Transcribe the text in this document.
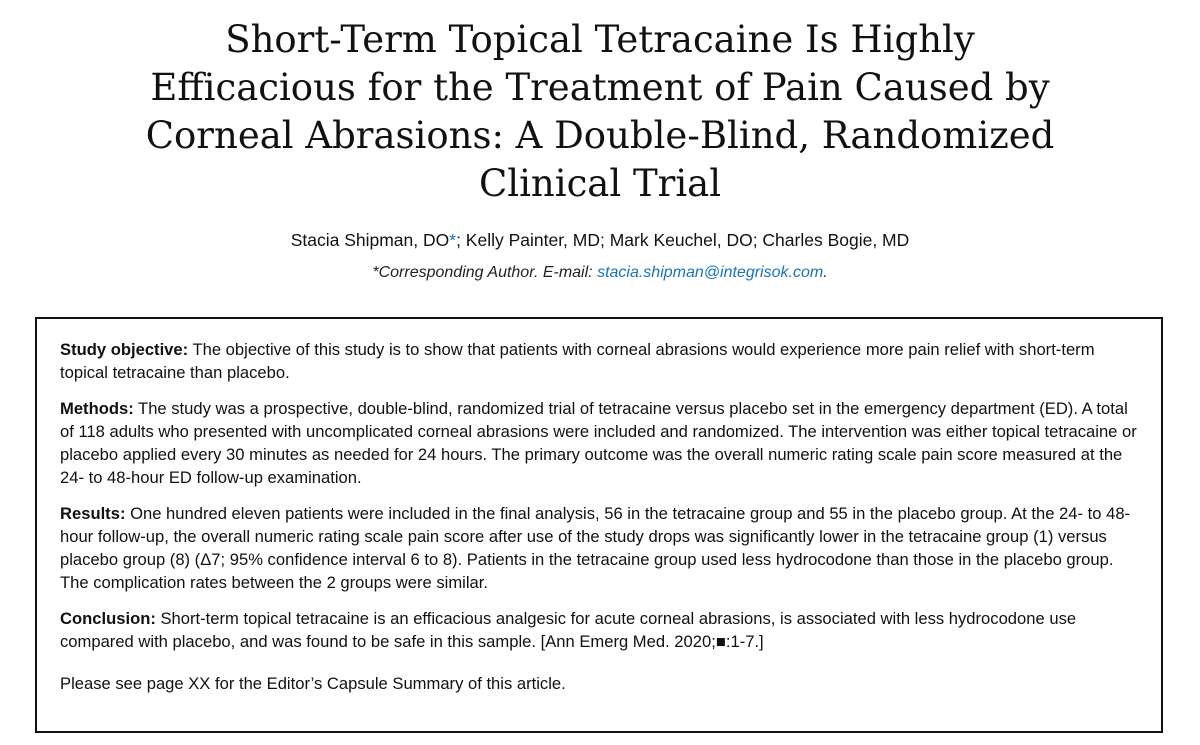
Short-Term Topical Tetracaine Is Highly
Efficacious for the Treatment of Pain Caused by
Corneal Abrasions: A Double-Blind, Randomized
Clinical Trial
Stacia Shipman, DO*; Kelly Painter, MD; Mark Keuchel, DO; Charles Bogie, MD
*Corresponding Author. E-mail: stacia.shipman@integrisok.com.

Study objective: The objective of this study is to show that patients with corneal abrasions would experience more pain relief with short-term topical tetracaine than placebo.

Methods: The study was a prospective, double-blind, randomized trial of tetracaine versus placebo set in the emergency department (ED). A total of 118 adults who presented with uncomplicated corneal abrasions were included and randomized. The intervention was either topical tetracaine or placebo applied every 30 minutes as needed for 24 hours. The primary outcome was the overall numeric rating scale pain score measured at the 24- to 48-hour ED follow-up examination.

Results: One hundred eleven patients were included in the final analysis, 56 in the tetracaine group and 55 in the placebo group. At the 24- to 48-hour follow-up, the overall numeric rating scale pain score after use of the study drops was significantly lower in the tetracaine group (1) versus placebo group (8) (Δ7; 95% confidence interval 6 to 8). Patients in the tetracaine group used less hydrocodone than those in the placebo group. The complication rates between the 2 groups were similar.

Conclusion: Short-term topical tetracaine is an efficacious analgesic for acute corneal abrasions, is associated with less hydrocodone use compared with placebo, and was found to be safe in this sample. [Ann Emerg Med. 2020;■:1-7.]

Please see page XX for the Editor’s Capsule Summary of this article.
